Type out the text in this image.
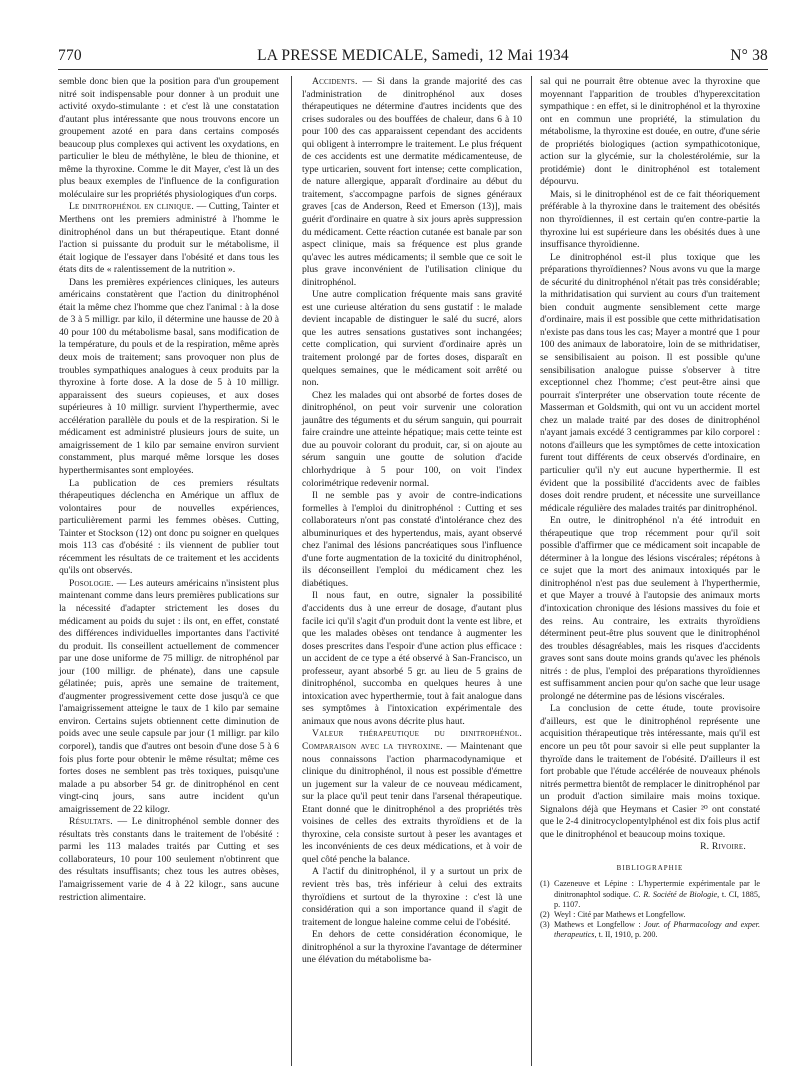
770	LA PRESSE MEDICALE, Samedi, 12 Mai 1934	N° 38

semble donc bien que la position para d'un groupement nitré soit indispensable pour donner à un produit une activité oxydo-stimulante : et c'est là une constatation d'autant plus intéressante que nous trouvons encore un groupement azoté en para dans certains composés beaucoup plus complexes qui activent les oxydations, en particulier le bleu de méthylène, le bleu de thionine, et même la thyroxine. Comme le dit Mayer, c'est là un des plus beaux exemples de l'influence de la configuration moléculaire sur les propriétés physiologiques d'un corps.

Le dinitrophénol en clinique. — Cutting, Tainter et Merthens ont les premiers administré à l'homme le dinitrophénol dans un but thérapeutique. Etant donné l'action si puissante du produit sur le métabolisme, il était logique de l'essayer dans l'obésité et dans tous les états dits de « ralentissement de la nutrition ».

Dans les premières expériences cliniques, les auteurs américains constatèrent que l'action du dinitrophénol était la même chez l'homme que chez l'animal : à la dose de 3 à 5 milligr. par kilo, il détermine une hausse de 20 à 40 pour 100 du métabolisme basal, sans modification de la température, du pouls et de la respiration, même après deux mois de traitement; sans provoquer non plus de troubles sympathiques analogues à ceux produits par la thyroxine à forte dose. A la dose de 5 à 10 milligr. apparaissent des sueurs copieuses, et aux doses supérieures à 10 milligr. survient l'hyperthermie, avec accélération parallèle du pouls et de la respiration. Si le médicament est administré plusieurs jours de suite, un amaigrissement de 1 kilo par semaine environ survient constamment, plus marqué même lorsque les doses hyperthermisantes sont employées.

La publication de ces premiers résultats thérapeutiques déclencha en Amérique un afflux de volontaires pour de nouvelles expériences, particulièrement parmi les femmes obèses. Cutting, Tainter et Stockson (12) ont donc pu soigner en quelques mois 113 cas d'obésité : ils viennent de publier tout récemment les résultats de ce traitement et les accidents qu'ils ont observés.

Posologie. — Les auteurs américains n'insistent plus maintenant comme dans leurs premières publications sur la nécessité d'adapter strictement les doses du médicament au poids du sujet : ils ont, en effet, constaté des différences individuelles importantes dans l'activité du produit. Ils conseillent actuellement de commencer par une dose uniforme de 75 milligr. de nitrophénol par jour (100 milligr. de phénate), dans une capsule gélatinée; puis, après une semaine de traitement, d'augmenter progressivement cette dose jusqu'à ce que l'amaigrissement atteigne le taux de 1 kilo par semaine environ. Certains sujets obtiennent cette diminution de poids avec une seule capsule par jour (1 milligr. par kilo corporel), tandis que d'autres ont besoin d'une dose 5 à 6 fois plus forte pour obtenir le même résultat; même ces fortes doses ne semblent pas très toxiques, puisqu'une malade a pu absorber 54 gr. de dinitrophénol en cent vingt-cinq jours, sans autre incident qu'un amaigrissement de 22 kilogr.

Résultats. — Le dinitrophénol semble donner des résultats très constants dans le traitement de l'obésité : parmi les 113 malades traités par Cutting et ses collaborateurs, 10 pour 100 seulement n'obtinrent que des résultats insuffisants; chez tous les autres obèses, l'amaigrissement varie de 4 à 22 kilogr., sans aucune restriction alimentaire.

Accidents. — Si dans la grande majorité des cas l'administration de dinitrophénol aux doses thérapeutiques ne détermine d'autres incidents que des crises sudorales ou des bouffées de chaleur, dans 6 à 10 pour 100 des cas apparaissent cependant des accidents qui obligent à interrompre le traitement. Le plus fréquent de ces accidents est une dermatite médicamenteuse, de type urticarien, souvent fort intense; cette complication, de nature allergique, apparaît d'ordinaire au début du traitement, s'accompagne parfois de signes généraux graves [cas de Anderson, Reed et Emerson (13)], mais guérit d'ordinaire en quatre à six jours après suppression du médicament. Cette réaction cutanée est banale par son aspect clinique, mais sa fréquence est plus grande qu'avec les autres médicaments; il semble que ce soit le plus grave inconvénient de l'utilisation clinique du dinitrophénol.

Une autre complication fréquente mais sans gravité est une curieuse altération du sens gustatif : le malade devient incapable de distinguer le salé du sucré, alors que les autres sensations gustatives sont inchangées; cette complication, qui survient d'ordinaire après un traitement prolongé par de fortes doses, disparaît en quelques semaines, que le médicament soit arrêté ou non.

Chez les malades qui ont absorbé de fortes doses de dinitrophénol, on peut voir survenir une coloration jaunâtre des téguments et du sérum sanguin, qui pourrait faire craindre une atteinte hépatique; mais cette teinte est due au pouvoir colorant du produit, car, si on ajoute au sérum sanguin une goutte de solution d'acide chlorhydrique à 5 pour 100, on voit l'index colorimétrique redevenir normal.

Il ne semble pas y avoir de contre-indications formelles à l'emploi du dinitrophénol : Cutting et ses collaborateurs n'ont pas constaté d'intolérance chez des albuminuriques et des hypertendus, mais, ayant observé chez l'animal des lésions pancréatiques sous l'influence d'une forte augmentation de la toxicité du dinitrophénol, ils déconseillent l'emploi du médicament chez les diabétiques.

Il nous faut, en outre, signaler la possibilité d'accidents dus à une erreur de dosage, d'autant plus facile ici qu'il s'agit d'un produit dont la vente est libre, et que les malades obèses ont tendance à augmenter les doses prescrites dans l'espoir d'une action plus efficace : un accident de ce type a été observé à San-Francisco, un professeur, ayant absorbé 5 gr. au lieu de 5 grains de dinitrophénol, succomba en quelques heures à une intoxication avec hyperthermie, tout à fait analogue dans ses symptômes à l'intoxication expérimentale des animaux que nous avons décrite plus haut.

Valeur thérapeutique du dinitrophénol. Comparaison avec la thyroxine. — Maintenant que nous connaissons l'action pharmacodynamique et clinique du dinitrophénol, il nous est possible d'émettre un jugement sur la valeur de ce nouveau médicament, sur la place qu'il peut tenir dans l'arsenal thérapeutique. Etant donné que le dinitrophénol a des propriétés très voisines de celles des extraits thyroïdiens et de la thyroxine, cela consiste surtout à peser les avantages et les inconvénients de ces deux médications, et à voir de quel côté penche la balance.

A l'actif du dinitrophénol, il y a surtout un prix de revient très bas, très inférieur à celui des extraits thyroïdiens et surtout de la thyroxine : c'est là une considération qui a son importance quand il s'agit de traitement de longue haleine comme celui de l'obésité.

En dehors de cette considération économique, le dinitrophénol a sur la thyroxine l'avantage de déterminer une élévation du métabolisme ba-

sal qui ne pourrait être obtenue avec la thyroxine que moyennant l'apparition de troubles d'hyperexcitation sympathique : en effet, si le dinitrophénol et la thyroxine ont en commun une propriété, la stimulation du métabolisme, la thyroxine est douée, en outre, d'une série de propriétés biologiques (action sympathicotonique, action sur la glycémie, sur la cholestérolémie, sur la protidémie) dont le dinitrophénol est totalement dépourvu.

Mais, si le dinitrophénol est de ce fait théoriquement préférable à la thyroxine dans le traitement des obésités non thyroïdiennes, il est certain qu'en contre-partie la thyroxine lui est supérieure dans les obésités dues à une insuffisance thyroïdienne.

Le dinitrophénol est-il plus toxique que les préparations thyroïdiennes? Nous avons vu que la marge de sécurité du dinitrophénol n'était pas très considérable; la mithridatisation qui survient au cours d'un traitement bien conduit augmente sensiblement cette marge d'ordinaire, mais il est possible que cette mithridatisation n'existe pas dans tous les cas; Mayer a montré que 1 pour 100 des animaux de laboratoire, loin de se mithridatiser, se sensibilisaient au poison. Il est possible qu'une sensibilisation analogue puisse s'observer à titre exceptionnel chez l'homme; c'est peut-être ainsi que pourrait s'interpréter une observation toute récente de Masserman et Goldsmith, qui ont vu un accident mortel chez un malade traité par des doses de dinitrophénol n'ayant jamais excédé 3 centigrammes par kilo corporel : notons d'ailleurs que les symptômes de cette intoxication furent tout différents de ceux observés d'ordinaire, en particulier qu'il n'y eut aucune hyperthermie. Il est évident que la possibilité d'accidents avec de faibles doses doit rendre prudent, et nécessite une surveillance médicale régulière des malades traités par dinitrophénol.

En outre, le dinitrophénol n'a été introduit en thérapeutique que trop récemment pour qu'il soit possible d'affirmer que ce médicament soit incapable de déterminer à la longue des lésions viscérales; répétons à ce sujet que la mort des animaux intoxiqués par le dinitrophénol n'est pas due seulement à l'hyperthermie, et que Mayer a trouvé à l'autopsie des animaux morts d'intoxication chronique des lésions massives du foie et des reins. Au contraire, les extraits thyroïdiens déterminent peut-être plus souvent que le dinitrophénol des troubles désagréables, mais les risques d'accidents graves sont sans doute moins grands qu'avec les phénols nitrés : de plus, l'emploi des préparations thyroïdiennes est suffisamment ancien pour qu'on sache que leur usage prolongé ne détermine pas de lésions viscérales.

La conclusion de cette étude, toute provisoire d'ailleurs, est que le dinitrophénol représente une acquisition thérapeutique très intéressante, mais qu'il est encore un peu tôt pour savoir si elle peut supplanter la thyroïde dans le traitement de l'obésité. D'ailleurs il est fort probable que l'étude accélérée de nouveaux phénols nitrés permettra bientôt de remplacer le dinitrophénol par un produit d'action similaire mais moins toxique. Signalons déjà que Heymans et Casier ²⁰ ont constaté que le 2-4 dinitrocyclopentylphénol est dix fois plus actif que le dinitrophénol et beaucoup moins toxique.

R. Rivoire.

BIBLIOGRAPHIE

(1) Cazeneuve et Lépine : L'hypertermie expérimentale par le dinitronaphtol sodique. C. R. Société de Biologie, t. CI, 1885, p. 1107.

(2) Weyl : Cité par Mathews et Longfellow.

(3) Mathews et Longfellow : Jour. of Pharmacology and exper. therapeutics, t. II, 1910, p. 200.
